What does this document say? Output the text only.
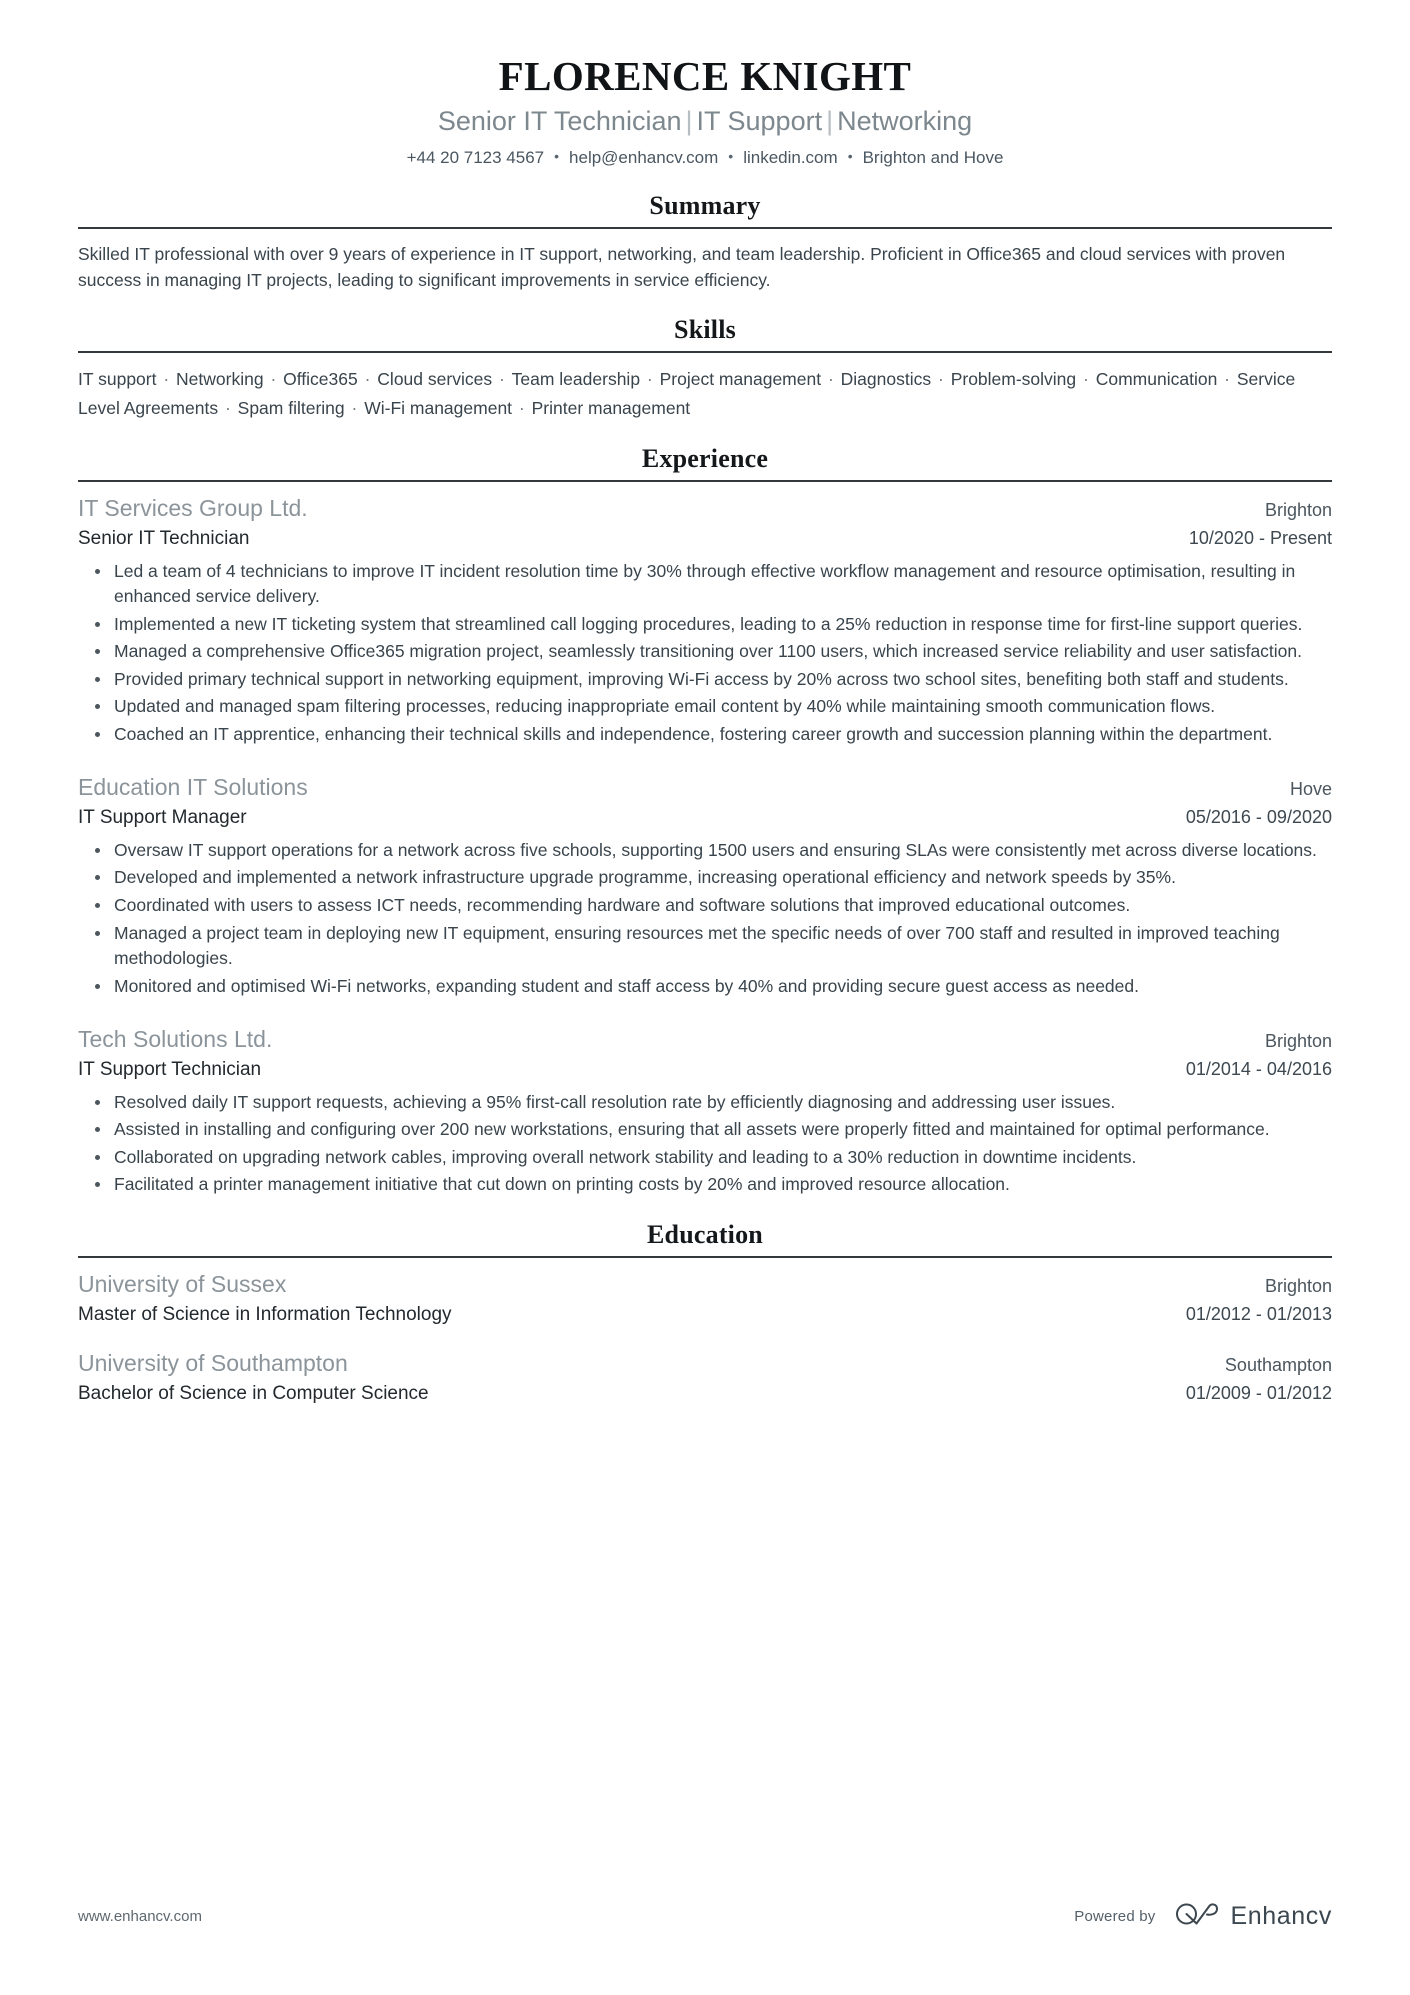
FLORENCE KNIGHT
Senior IT Technician | IT Support | Networking
+44 20 7123 4567 • help@enhancv.com • linkedin.com • Brighton and Hove
Summary
Skilled IT professional with over 9 years of experience in IT support, networking, and team leadership. Proficient in Office365 and cloud services with proven success in managing IT projects, leading to significant improvements in service efficiency.
Skills
IT support · Networking · Office365 · Cloud services · Team leadership · Project management · Diagnostics · Problem-solving · Communication · Service Level Agreements · Spam filtering · Wi-Fi management · Printer management
Experience
IT Services Group Ltd.	Brighton
Senior IT Technician	10/2020 - Present
Led a team of 4 technicians to improve IT incident resolution time by 30% through effective workflow management and resource optimisation, resulting in enhanced service delivery.
Implemented a new IT ticketing system that streamlined call logging procedures, leading to a 25% reduction in response time for first-line support queries.
Managed a comprehensive Office365 migration project, seamlessly transitioning over 1100 users, which increased service reliability and user satisfaction.
Provided primary technical support in networking equipment, improving Wi-Fi access by 20% across two school sites, benefiting both staff and students.
Updated and managed spam filtering processes, reducing inappropriate email content by 40% while maintaining smooth communication flows.
Coached an IT apprentice, enhancing their technical skills and independence, fostering career growth and succession planning within the department.
Education IT Solutions	Hove
IT Support Manager	05/2016 - 09/2020
Oversaw IT support operations for a network across five schools, supporting 1500 users and ensuring SLAs were consistently met across diverse locations.
Developed and implemented a network infrastructure upgrade programme, increasing operational efficiency and network speeds by 35%.
Coordinated with users to assess ICT needs, recommending hardware and software solutions that improved educational outcomes.
Managed a project team in deploying new IT equipment, ensuring resources met the specific needs of over 700 staff and resulted in improved teaching methodologies.
Monitored and optimised Wi-Fi networks, expanding student and staff access by 40% and providing secure guest access as needed.
Tech Solutions Ltd.	Brighton
IT Support Technician	01/2014 - 04/2016
Resolved daily IT support requests, achieving a 95% first-call resolution rate by efficiently diagnosing and addressing user issues.
Assisted in installing and configuring over 200 new workstations, ensuring that all assets were properly fitted and maintained for optimal performance.
Collaborated on upgrading network cables, improving overall network stability and leading to a 30% reduction in downtime incidents.
Facilitated a printer management initiative that cut down on printing costs by 20% and improved resource allocation.
Education
University of Sussex	Brighton
Master of Science in Information Technology	01/2012 - 01/2013
University of Southampton	Southampton
Bachelor of Science in Computer Science	01/2009 - 01/2012
www.enhancv.com	Powered by	Enhancv
